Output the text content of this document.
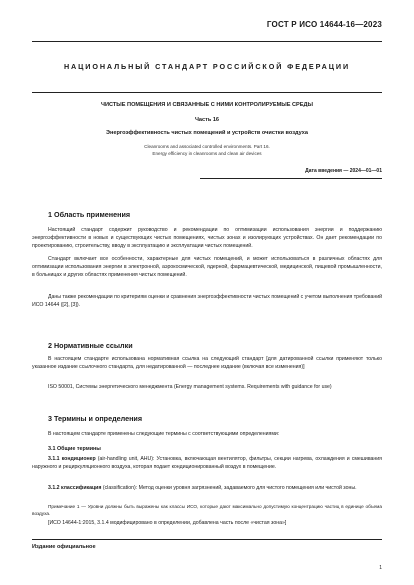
ГОСТ Р ИСО 14644-16—2023
НАЦИОНАЛЬНЫЙ СТАНДАРТ РОССИЙСКОЙ ФЕДЕРАЦИИ
ЧИСТЫЕ ПОМЕЩЕНИЯ И СВЯЗАННЫЕ С НИМИ КОНТРОЛИРУЕМЫЕ СРЕДЫ
Часть 16
Энергоэффективность чистых помещений и устройств очистки воздуха
Cleanrooms and associated controlled environments. Part 16.
Energy efficiency in cleanrooms and clean air devices
Дата введения — 2024—01—01
1 Область применения
Настоящий стандарт содержит руководство и рекомендации по оптимизации использования энергии и поддержанию энергоэффективности в новых и существующих чистых помещениях, чистых зонах и изолирующих устройствах. Он дает рекомендации по проектированию, строительству, вводу в эксплуатацию и эксплуатации чистых помещений.
Стандарт включает все особенности, характерные для чистых помещений, и может использоваться в различных областях для оптимизации использования энергии в электронной, аэрокосмической, ядерной, фармацевтической, медицинской, пищевой промышленности, в больницах и других областях применения чистых помещений.
Даны также рекомендации по критериям оценки и сравнения энергоэффективности чистых помещений с учетом выполнения требований ИСО 14644 ([2], [3]).
2 Нормативные ссылки
В настоящем стандарте использована нормативная ссылка на следующий стандарт [для датированной ссылки применяют только указанное издание ссылочного стандарта, для недатированной — последнее издание (включая все изменения)]
ISO 50001, Системы энергетического менеджмента (Energy management systems. Requirements with guidance for use)
3 Термины и определения
В настоящем стандарте применены следующие термины с соответствующими определениями:
3.1 Общие термины
3.1.1 кондиционер (air-handling unit, AHU): Установка, включающая вентилятор, фильтры, секции нагрева, охлаждения и смешивания наружного и рециркуляционного воздуха, которая подает кондиционированный воздух в помещение.
3.1.2 классификация (classification): Метод оценки уровня загрязнений, задаваемого для чистого помещения или чистой зоны.
Примечание 1 — Уровни должны быть выражены как классы ИСО, которые дают максимально допустимую концентрацию частиц в единице объема воздуха.
[ИСО 14644-1:2015, 3.1.4 модифицировано в определении, добавлена часть после «чистая зона»]
Издание официальное
1
